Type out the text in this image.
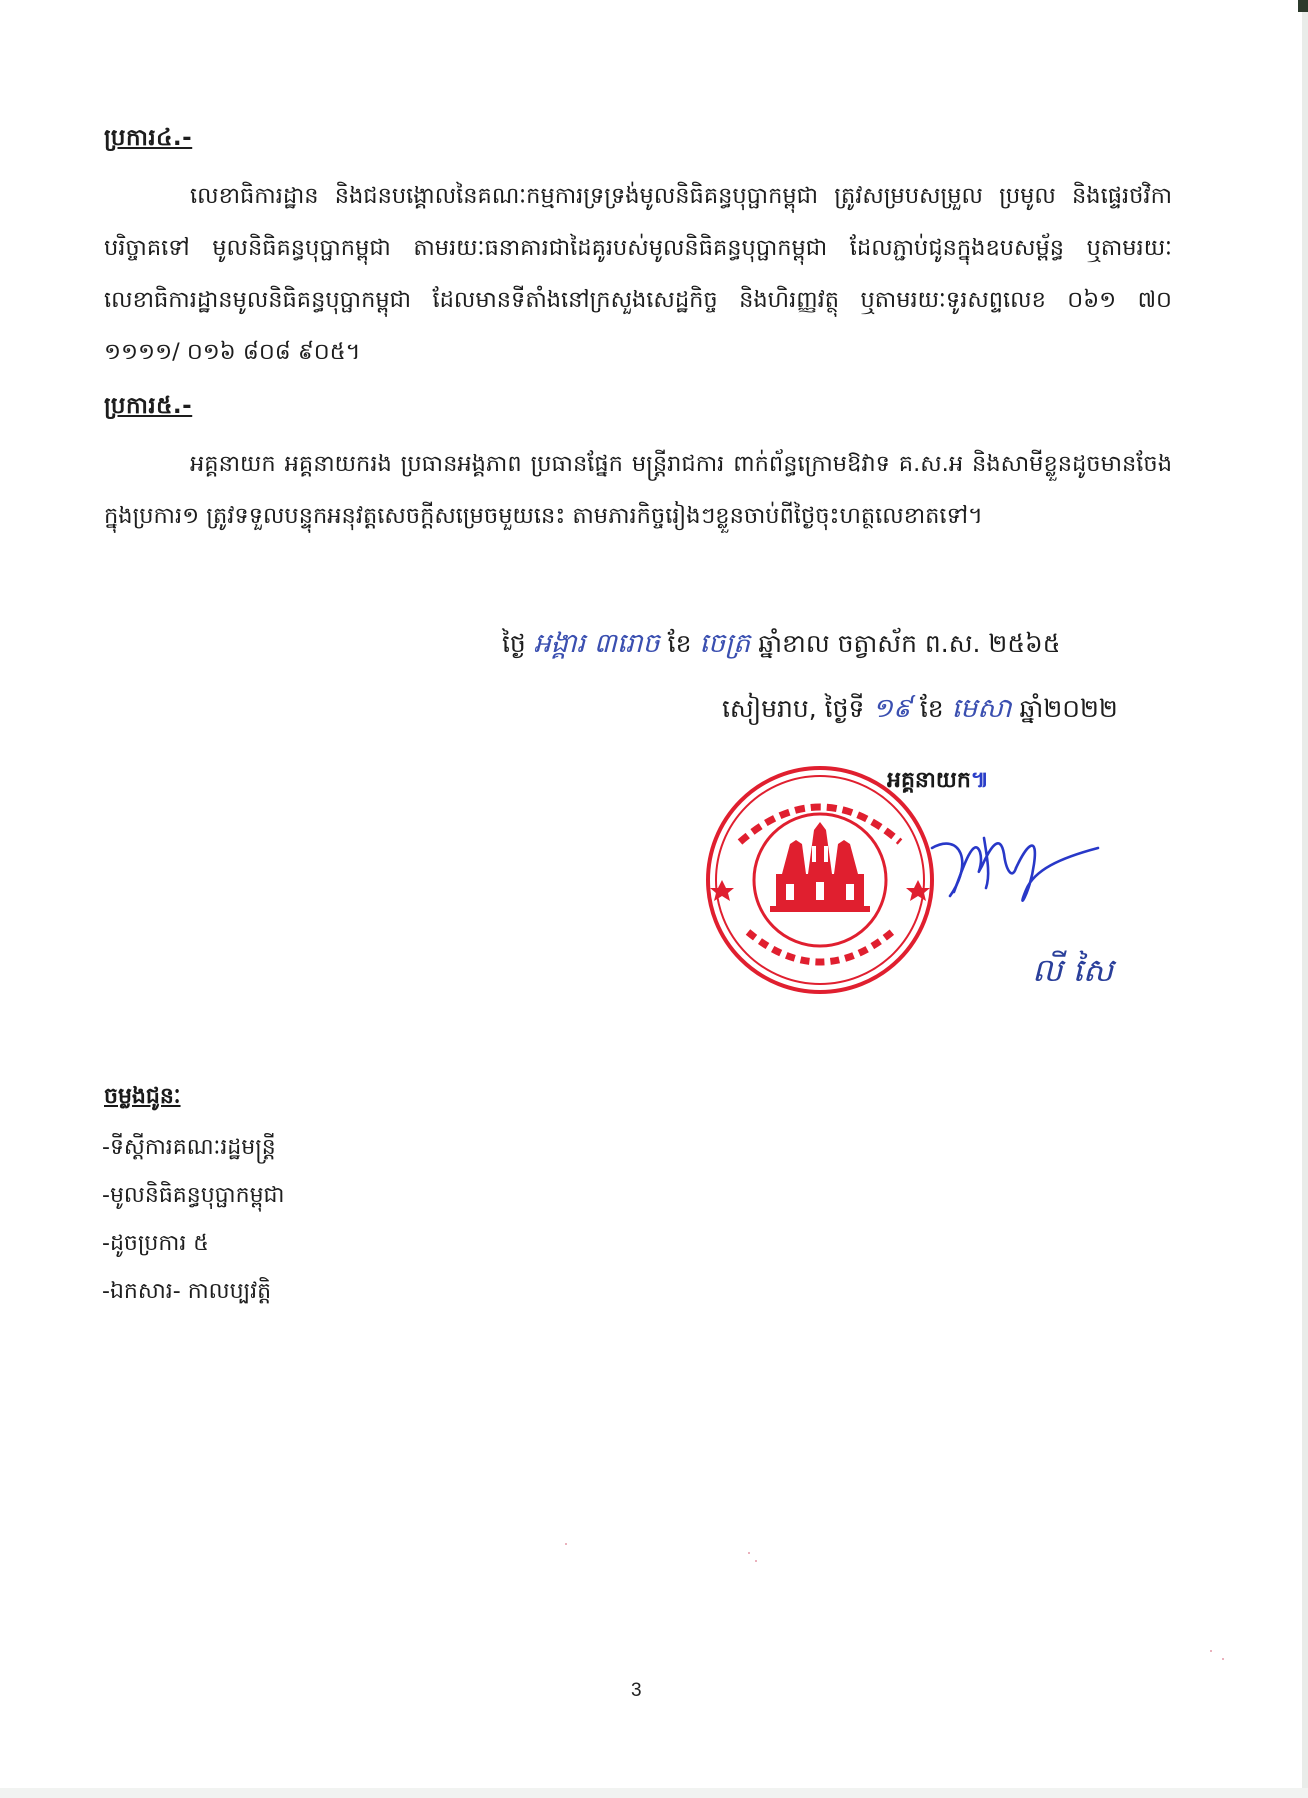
ប្រការ៤.-

លេខាធិការដ្ឋាន និងជនបង្គោលនៃគណៈកម្មការទ្រទ្រង់មូលនិធិគន្ធបុប្ផាកម្ពុជា ត្រូវសម្របសម្រួល ប្រមូល និងផ្ទេរថវិកាបរិច្ចាគទៅ មូលនិធិគន្ធបុប្ផាកម្ពុជា តាមរយៈធនាគារជាដៃគូរបស់មូលនិធិគន្ធបុប្ផាកម្ពុជា ដែលភ្ជាប់ជូនក្នុងឧបសម្ព័ន្ធ ឬតាមរយៈលេខាធិការដ្ឋានមូលនិធិគន្ធបុប្ផាកម្ពុជា ដែលមានទីតាំងនៅក្រសួងសេដ្ឋកិច្ច និងហិរញ្ញវត្ថុ ឬតាមរយៈទូរសព្ទលេខ ០៦១ ៧០ ១១១១/ ០១៦ ៨០៨ ៩០៥។

ប្រការ៥.-

អគ្គនាយក អគ្គនាយករង ប្រធានអង្គភាព ប្រធានផ្នែក មន្ត្រីរាជការ ពាក់ព័ន្ធក្រោមឱវាទ គ.ស.អ និងសាមីខ្លួនដូចមានចែងក្នុងប្រការ១ ត្រូវទទួលបន្ទុកអនុវត្តសេចក្តីសម្រេចមួយនេះ តាមភារកិច្ចរៀងៗខ្លួនចាប់ពីថ្ងៃចុះហត្ថលេខាតទៅ។

ថ្ងៃ អង្គារ ៣រោច ខែ ចេត្រ ឆ្នាំខាល ចត្វាស័ក ព.ស. ២៥៦៥
សៀមរាប, ថ្ងៃទី ១៩ ខែ មេសា ឆ្នាំ២០២២
អគ្គនាយក៕
លី សៃ
ចម្លងជូនៈ
-ទីស្តីការគណៈរដ្ឋមន្ត្រី
-មូលនិធិគន្ធបុប្ផាកម្ពុជា
-ដូចប្រការ ៥
-ឯកសារ- កាលប្បវត្តិ
3
